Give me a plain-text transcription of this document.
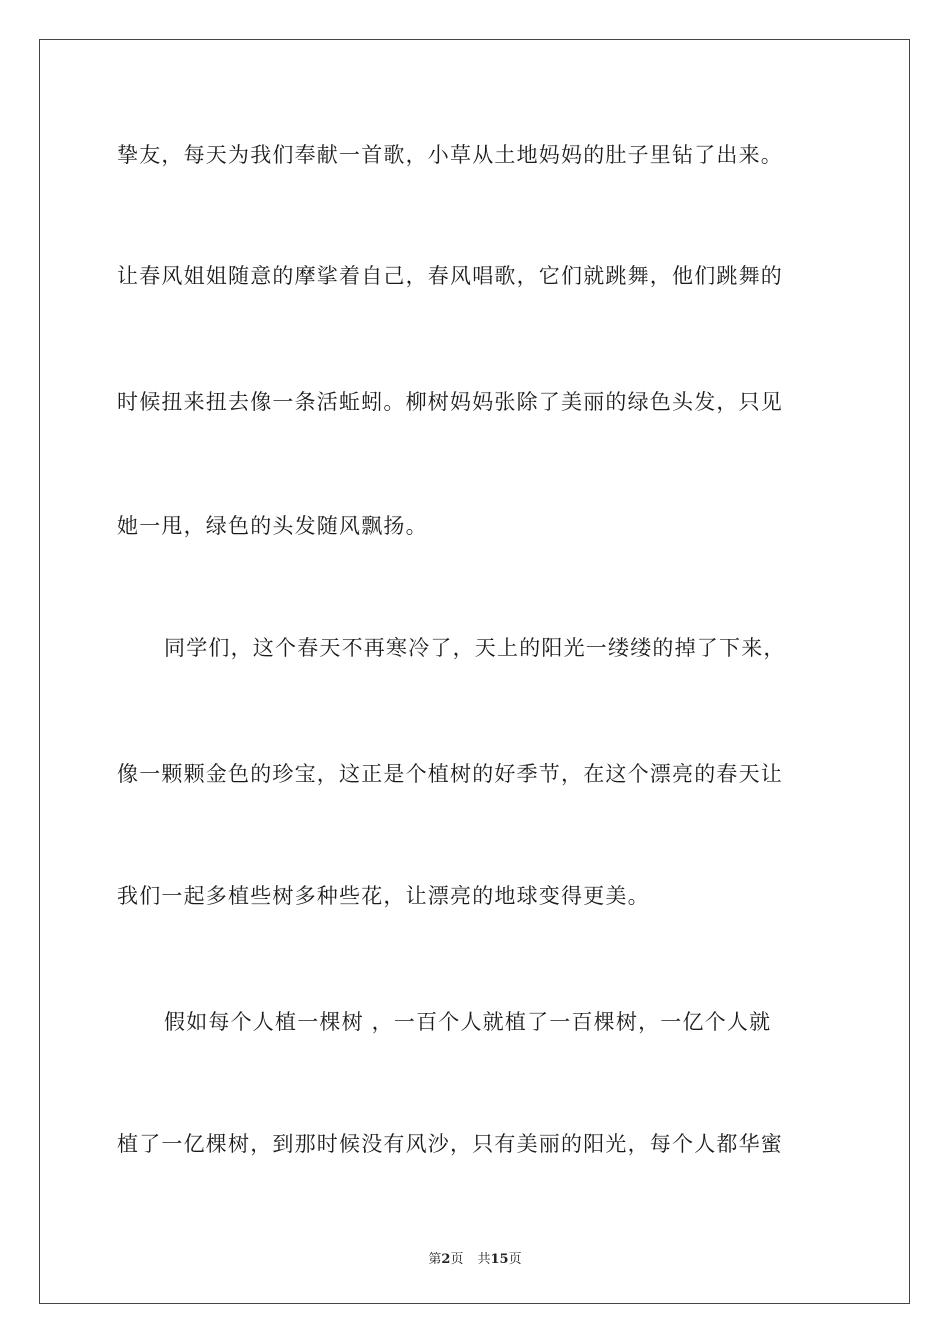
挚友，每天为我们奉献一首歌，小草从土地妈妈的肚子里钻了出来。
让春风姐姐随意的摩挲着自己，春风唱歌，它们就跳舞，他们跳舞的
时候扭来扭去像一条活蚯蚓。柳树妈妈张除了美丽的绿色头发，只见
她一甩，绿色的头发随风飘扬。
同学们，这个春天不再寒冷了，天上的阳光一缕缕的掉了下来，
像一颗颗金色的珍宝，这正是个植树的好季节，在这个漂亮的春天让
我们一起多植些树多种些花，让漂亮的地球变得更美。
假如每个人植一棵树 ，一百个人就植了一百棵树，一亿个人就
植了一亿棵树，到那时候没有风沙，只有美丽的阳光，每个人都华蜜
第2页 共15页
